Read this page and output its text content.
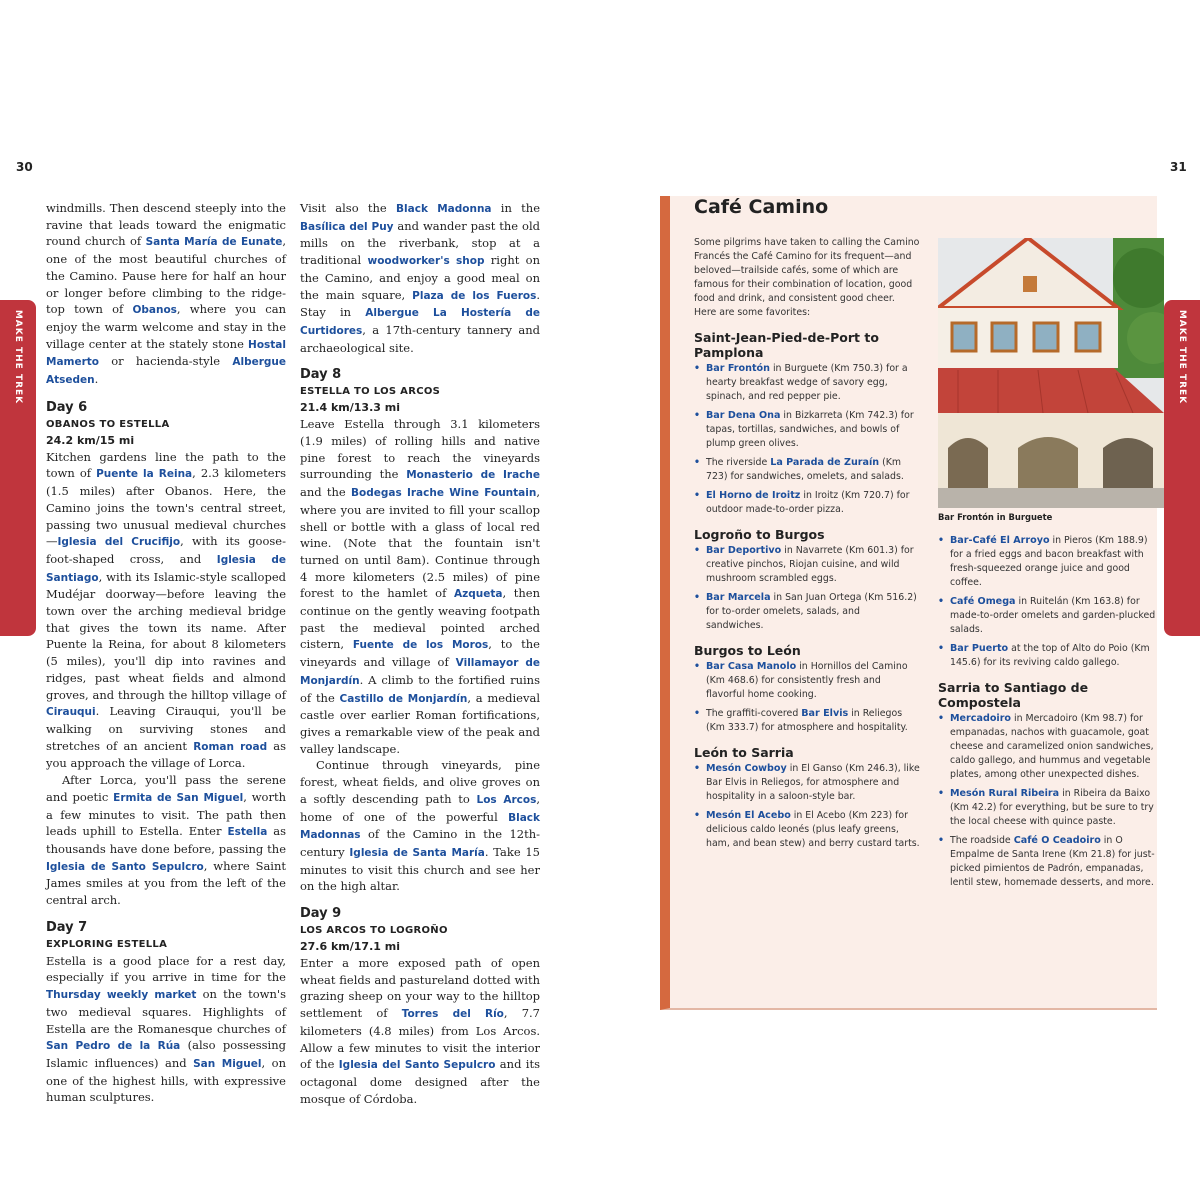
30	31
MAKE THE TREK	MAKE THE TREK

windmills. Then descend steeply into the ravine that leads toward the enigmatic round church of Santa María de Eunate, one of the most beautiful churches of the Camino. Pause here for half an hour or longer before climbing to the ridge-top town of Obanos, where you can enjoy the warm welcome and stay in the village center at the stately stone Hostal Mamerto or hacienda-style Albergue Atseden.

Day 6
OBANOS TO ESTELLA
24.2 km/15 mi

Kitchen gardens line the path to the town of Puente la Reina, 2.3 kilometers (1.5 miles) after Obanos. Here, the Camino joins the town's central street, passing two unusual medieval churches—Iglesia del Crucifijo, with its goose-foot-shaped cross, and Iglesia de Santiago, with its Islamic-style scalloped Mudéjar doorway—before leaving the town over the arching medieval bridge that gives the town its name. After Puente la Reina, for about 8 kilometers (5 miles), you'll dip into ravines and ridges, past wheat fields and almond groves, and through the hilltop village of Cirauqui. Leaving Cirauqui, you'll be walking on surviving stones and stretches of an ancient Roman road as you approach the village of Lorca.

After Lorca, you'll pass the serene and poetic Ermita de San Miguel, worth a few minutes to visit. The path then leads uphill to Estella. Enter Estella as thousands have done before, passing the Iglesia de Santo Sepulcro, where Saint James smiles at you from the left of the central arch.

Day 7
EXPLORING ESTELLA

Estella is a good place for a rest day, especially if you arrive in time for the Thursday weekly market on the town's two medieval squares. Highlights of Estella are the Romanesque churches of San Pedro de la Rúa (also possessing Islamic influences) and San Miguel, on one of the highest hills, with expressive human sculptures.

Visit also the Black Madonna in the Basílica del Puy and wander past the old mills on the riverbank, stop at a traditional woodworker's shop right on the Camino, and enjoy a good meal on the main square, Plaza de los Fueros. Stay in Albergue La Hostería de Curtidores, a 17th-century tannery and archaeological site.

Day 8
ESTELLA TO LOS ARCOS
21.4 km/13.3 mi

Leave Estella through 3.1 kilometers (1.9 miles) of rolling hills and native pine forest to reach the vineyards surrounding the Monasterio de Irache and the Bodegas Irache Wine Fountain, where you are invited to fill your scallop shell or bottle with a glass of local red wine. (Note that the fountain isn't turned on until 8am). Continue through 4 more kilometers (2.5 miles) of pine forest to the hamlet of Azqueta, then continue on the gently weaving footpath past the medieval pointed arched cistern, Fuente de los Moros, to the vineyards and village of Villamayor de Monjardín. A climb to the fortified ruins of the Castillo de Monjardín, a medieval castle over earlier Roman fortifications, gives a remarkable view of the peak and valley landscape.

Continue through vineyards, pine forest, wheat fields, and olive groves on a softly descending path to Los Arcos, home of one of the powerful Black Madonnas of the Camino in the 12th-century Iglesia de Santa María. Take 15 minutes to visit this church and see her on the high altar.

Day 9
LOS ARCOS TO LOGROÑO
27.6 km/17.1 mi

Enter a more exposed path of open wheat fields and pastureland dotted with grazing sheep on your way to the hilltop settlement of Torres del Río, 7.7 kilometers (4.8 miles) from Los Arcos. Allow a few minutes to visit the interior of the Iglesia del Santo Sepulcro and its octagonal dome designed after the mosque of Córdoba.

Café Camino

Some pilgrims have taken to calling the Camino Francés the Café Camino for its frequent—and beloved—trailside cafés, some of which are famous for their combination of location, good food and drink, and consistent good cheer. Here are some favorites:

Saint-Jean-Pied-de-Port to Pamplona
• Bar Frontón in Burguete (Km 750.3) for a hearty breakfast wedge of savory egg, spinach, and red pepper pie.
• Bar Dena Ona in Bizkarreta (Km 742.3) for tapas, tortillas, sandwiches, and bowls of plump green olives.
• The riverside La Parada de Zuraín (Km 723) for sandwiches, omelets, and salads.
• El Horno de Iroitz in Iroitz (Km 720.7) for outdoor made-to-order pizza.
Logroño to Burgos
• Bar Deportivo in Navarrete (Km 601.3) for creative pinchos, Riojan cuisine, and wild mushroom scrambled eggs.
• Bar Marcela in San Juan Ortega (Km 516.2) for to-order omelets, salads, and sandwiches.
Burgos to León
• Bar Casa Manolo in Hornillos del Camino (Km 468.6) for consistently fresh and flavorful home cooking.
• The graffiti-covered Bar Elvis in Reliegos (Km 333.7) for atmosphere and hospitality.
León to Sarria
• Mesón Cowboy in El Ganso (Km 246.3), like Bar Elvis in Reliegos, for atmosphere and hospitality in a saloon-style bar.
• Mesón El Acebo in El Acebo (Km 223) for delicious caldo leonés (plus leafy greens, ham, and bean stew) and berry custard tarts.
Bar Frontón in Burguete
• Bar-Café El Arroyo in Pieros (Km 188.9) for a fried eggs and bacon breakfast with fresh-squeezed orange juice and good coffee.
• Café Omega in Ruitelán (Km 163.8) for made-to-order omelets and garden-plucked salads.
• Bar Puerto at the top of Alto do Poio (Km 145.6) for its reviving caldo gallego.
Sarria to Santiago de Compostela
• Mercadoiro in Mercadoiro (Km 98.7) for empanadas, nachos with guacamole, goat cheese and caramelized onion sandwiches, caldo gallego, and hummus and vegetable plates, among other unexpected dishes.
• Mesón Rural Ribeira in Ribeira da Baixo (Km 42.2) for everything, but be sure to try the local cheese with quince paste.
• The roadside Café O Ceadoiro in O Empalme de Santa Irene (Km 21.8) for just-picked pimientos de Padrón, empanadas, lentil stew, homemade desserts, and more.
